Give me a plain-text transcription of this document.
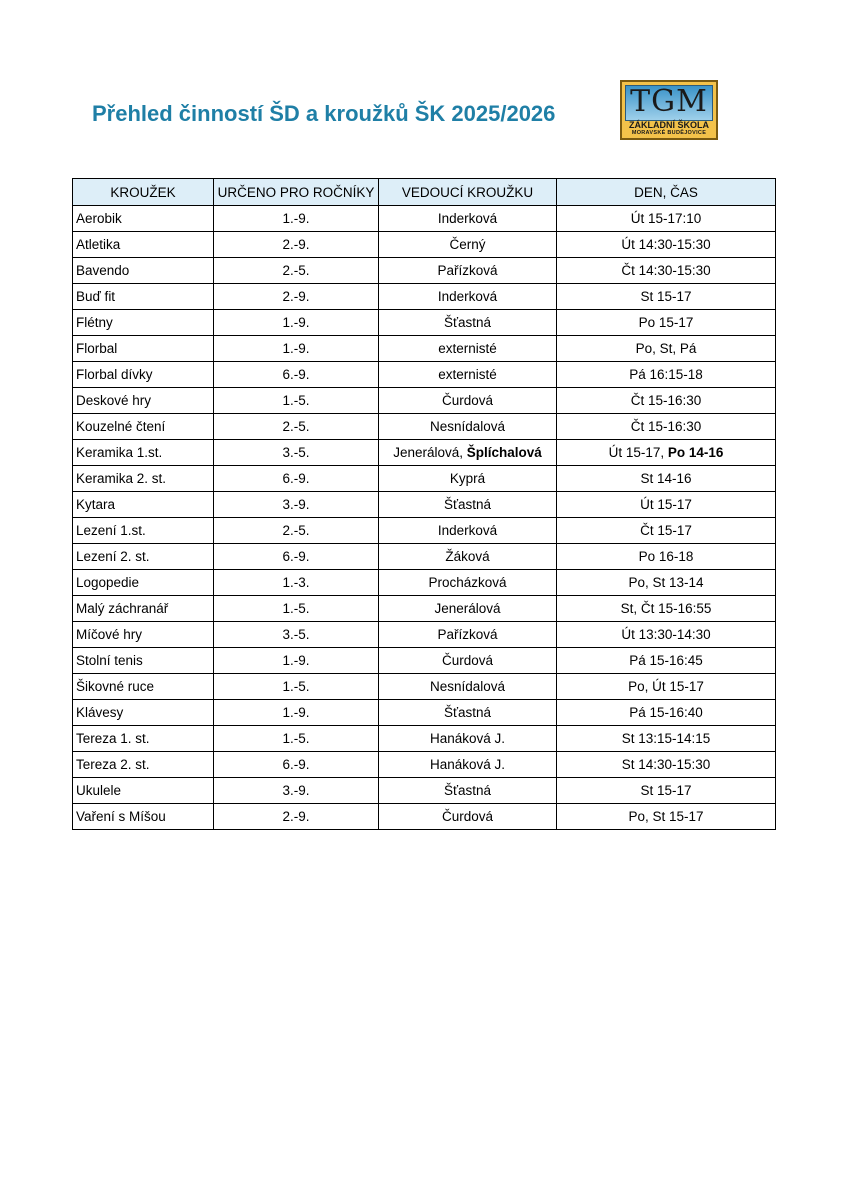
Přehled činností ŠD a kroužků ŠK 2025/2026 TGM
ZÁKLADNÍ ŠKOLA
MORAVSKÉ BUDĚJOVICE
KROUŽEK	URČENO PRO ROČNÍKY	VEDOUCÍ KROUŽKU	DEN, ČAS
Aerobik	1.-9.	Inderková	Út 15-17:10
Atletika	2.-9.	Černý	Út 14:30-15:30
Bavendo	2.-5.	Pařízková	Čt 14:30-15:30
Buď fit	2.-9.	Inderková	St 15-17
Flétny	1.-9.	Šťastná	Po 15-17
Florbal	1.-9.	externisté	Po, St, Pá
Florbal dívky	6.-9.	externisté	Pá 16:15-18
Deskové hry	1.-5.	Čurdová	Čt 15-16:30
Kouzelné čtení	2.-5.	Nesnídalová	Čt 15-16:30
Keramika 1.st.	3.-5.	Jenerálová, Šplíchalová	Út 15-17, Po 14-16
Keramika 2. st.	6.-9.	Kyprá	St 14-16
Kytara	3.-9.	Šťastná	Út 15-17
Lezení 1.st.	2.-5.	Inderková	Čt 15-17
Lezení 2. st.	6.-9.	Žáková	Po 16-18
Logopedie	1.-3.	Procházková	Po, St 13-14
Malý záchranář	1.-5.	Jenerálová	St, Čt 15-16:55
Míčové hry	3.-5.	Pařízková	Út 13:30-14:30
Stolní tenis	1.-9.	Čurdová	Pá 15-16:45
Šikovné ruce	1.-5.	Nesnídalová	Po, Út 15-17
Klávesy	1.-9.	Šťastná	Pá 15-16:40
Tereza 1. st.	1.-5.	Hanáková J.	St 13:15-14:15
Tereza 2. st.	6.-9.	Hanáková J.	St 14:30-15:30
Ukulele	3.-9.	Šťastná	St 15-17
Vaření s Míšou	2.-9.	Čurdová	Po, St 15-17
